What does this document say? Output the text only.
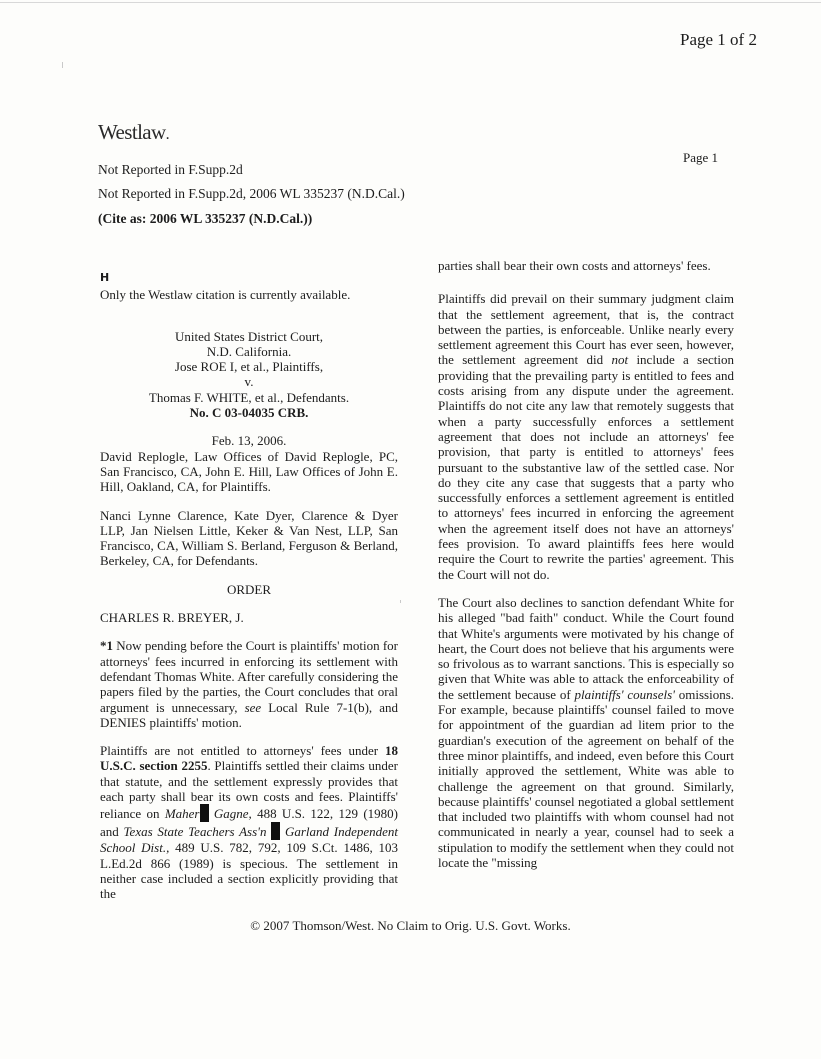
Page 1 of 2
Westlaw.
Not Reported in F.Supp.2d
Not Reported in F.Supp.2d, 2006 WL 335237 (N.D.Cal.)
(Cite as: 2006 WL 335237 (N.D.Cal.))
Page 1
H

Only the Westlaw citation is currently available.

United States District Court,
N.D. California.
Jose ROE I, et al., Plaintiffs,
v.
Thomas F. WHITE, et al., Defendants.
No. C 03-04035 CRB.
Feb. 13, 2006.

David Replogle, Law Offices of David Replogle, PC, San Francisco, CA, John E. Hill, Law Offices of John E. Hill, Oakland, CA, for Plaintiffs.

Nanci Lynne Clarence, Kate Dyer, Clarence & Dyer LLP, Jan Nielsen Little, Keker & Van Nest, LLP, San Francisco, CA, William S. Berland, Ferguson & Berland, Berkeley, CA, for Defendants.

ORDER

CHARLES R. BREYER, J.

*1 Now pending before the Court is plaintiffs' motion for attorneys' fees incurred in enforcing its settlement with defendant Thomas White. After carefully considering the papers filed by the parties, the Court concludes that oral argument is unnecessary, see Local Rule 7-1(b), and DENIES plaintiffs' motion.

Plaintiffs are not entitled to attorneys' fees under 18 U.S.C. section 2255. Plaintiffs settled their claims under that statute, and the settlement expressly provides that each party shall bear its own costs and fees. Plaintiffs' reliance on Maher Gagne, 488 U.S. 122, 129 (1980) and Texas State Teachers Ass'n  Garland Independent School Dist., 489 U.S. 782, 792, 109 S.Ct. 1486, 103 L.Ed.2d 866 (1989) is specious. The settlement in neither case included a section explicitly providing that the

parties shall bear their own costs and attorneys' fees.

Plaintiffs did prevail on their summary judgment claim that the settlement agreement, that is, the contract between the parties, is enforceable. Unlike nearly every settlement agreement this Court has ever seen, however, the settlement agreement did not include a section providing that the prevailing party is entitled to fees and costs arising from any dispute under the agreement. Plaintiffs do not cite any law that remotely suggests that when a party successfully enforces a settlement agreement that does not include an attorneys' fee provision, that party is entitled to attorneys' fees pursuant to the substantive law of the settled case. Nor do they cite any case that suggests that a party who successfully enforces a settlement agreement is entitled to attorneys' fees incurred in enforcing the agreement when the agreement itself does not have an attorneys' fees provision. To award plaintiffs fees here would require the Court to rewrite the parties' agreement. This the Court will not do.

The Court also declines to sanction defendant White for his alleged "bad faith" conduct. While the Court found that White's arguments were motivated by his change of heart, the Court does not believe that his arguments were so frivolous as to warrant sanctions. This is especially so given that White was able to attack the enforceability of the settlement because of plaintiffs' counsels' omissions. For example, because plaintiffs' counsel failed to move for appointment of the guardian ad litem prior to the guardian's execution of the agreement on behalf of the three minor plaintiffs, and indeed, even before this Court initially approved the settlement, White was able to challenge the agreement on that ground. Similarly, because plaintiffs' counsel negotiated a global settlement that included two plaintiffs with whom counsel had not communicated in nearly a year, counsel had to seek a stipulation to modify the settlement when they could not locate the "missing

© 2007 Thomson/West. No Claim to Orig. U.S. Govt. Works.
